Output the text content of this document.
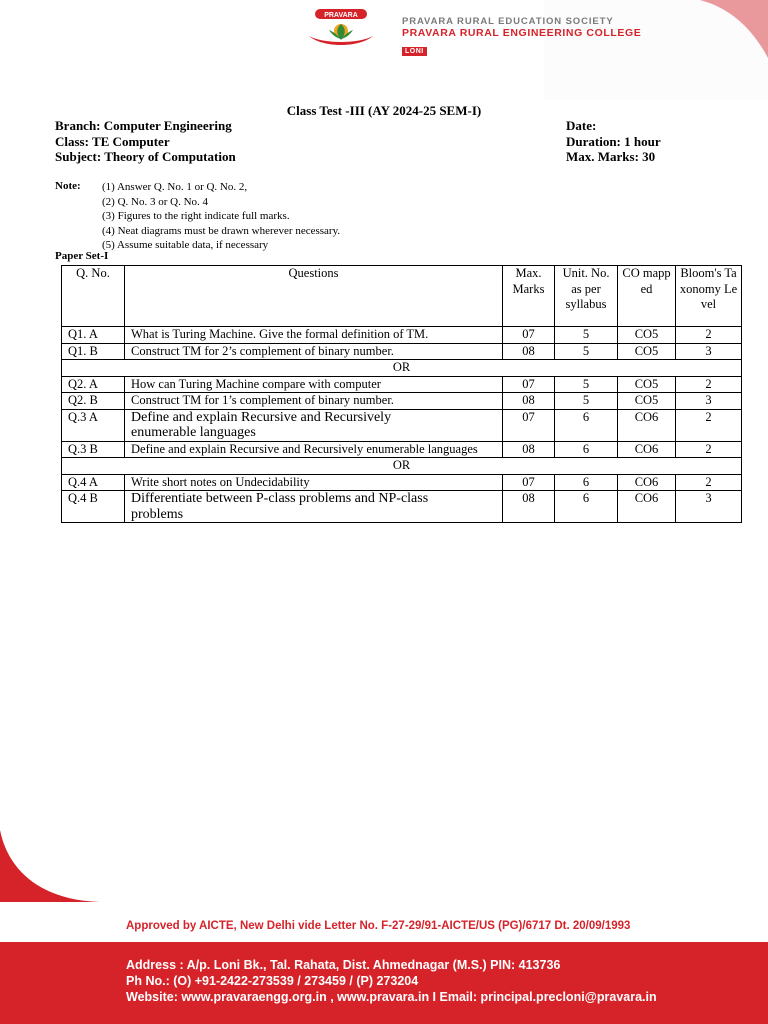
PRAVARA
PRAVARA RURAL EDUCATION SOCIETY
PRAVARA RURAL ENGINEERING COLLEGE
LONI
Class Test -III (AY 2024-25 SEM-I)
Branch: Computer Engineering
Class: TE Computer
Subject: Theory of Computation
Date:
Duration: 1 hour
Max. Marks: 30
Note: (1) Answer Q. No. 1 or Q. No. 2,
(2) Q. No. 3 or Q. No. 4
(3) Figures to the right indicate full marks.
(4) Neat diagrams must be drawn wherever necessary.
(5) Assume suitable data, if necessary
Paper Set-I
Q. No.	Questions	Max. Marks	Unit. No. as per syllabus	CO mapped	Bloom's Taxonomy Level
Q1. A	What is Turing Machine. Give the formal definition of TM.	07	5	CO5	2
Q1. B	Construct TM for 2’s complement of binary number.	08	5	CO5	3
OR					
Q2. A	How can Turing Machine compare with computer	07	5	CO5	2
Q2. B	Construct TM for 1’s complement of binary number.	08	5	CO5	3
Q.3 A	Define and explain Recursive and Recursively enumerable languages	07	6	CO6	2
Q.3 B	Define and explain Recursive and Recursively enumerable languages	08	6	CO6	2
OR					
Q.4 A	Write short notes on Undecidability	07	6	CO6	2
Q.4 B	Differentiate between P-class problems and NP-class problems	08	6	CO6	3
Approved by AICTE, New Delhi vide Letter No. F-27-29/91-AICTE/US (PG)/6717 Dt. 20/09/1993
Address : A/p. Loni Bk., Tal. Rahata, Dist. Ahmednagar (M.S.) PIN: 413736
Ph No.: (O) +91-2422-273539 / 273459 / (P) 273204
Website: www.pravaraengg.org.in , www.pravara.in I Email: principal.precloni@pravara.in
